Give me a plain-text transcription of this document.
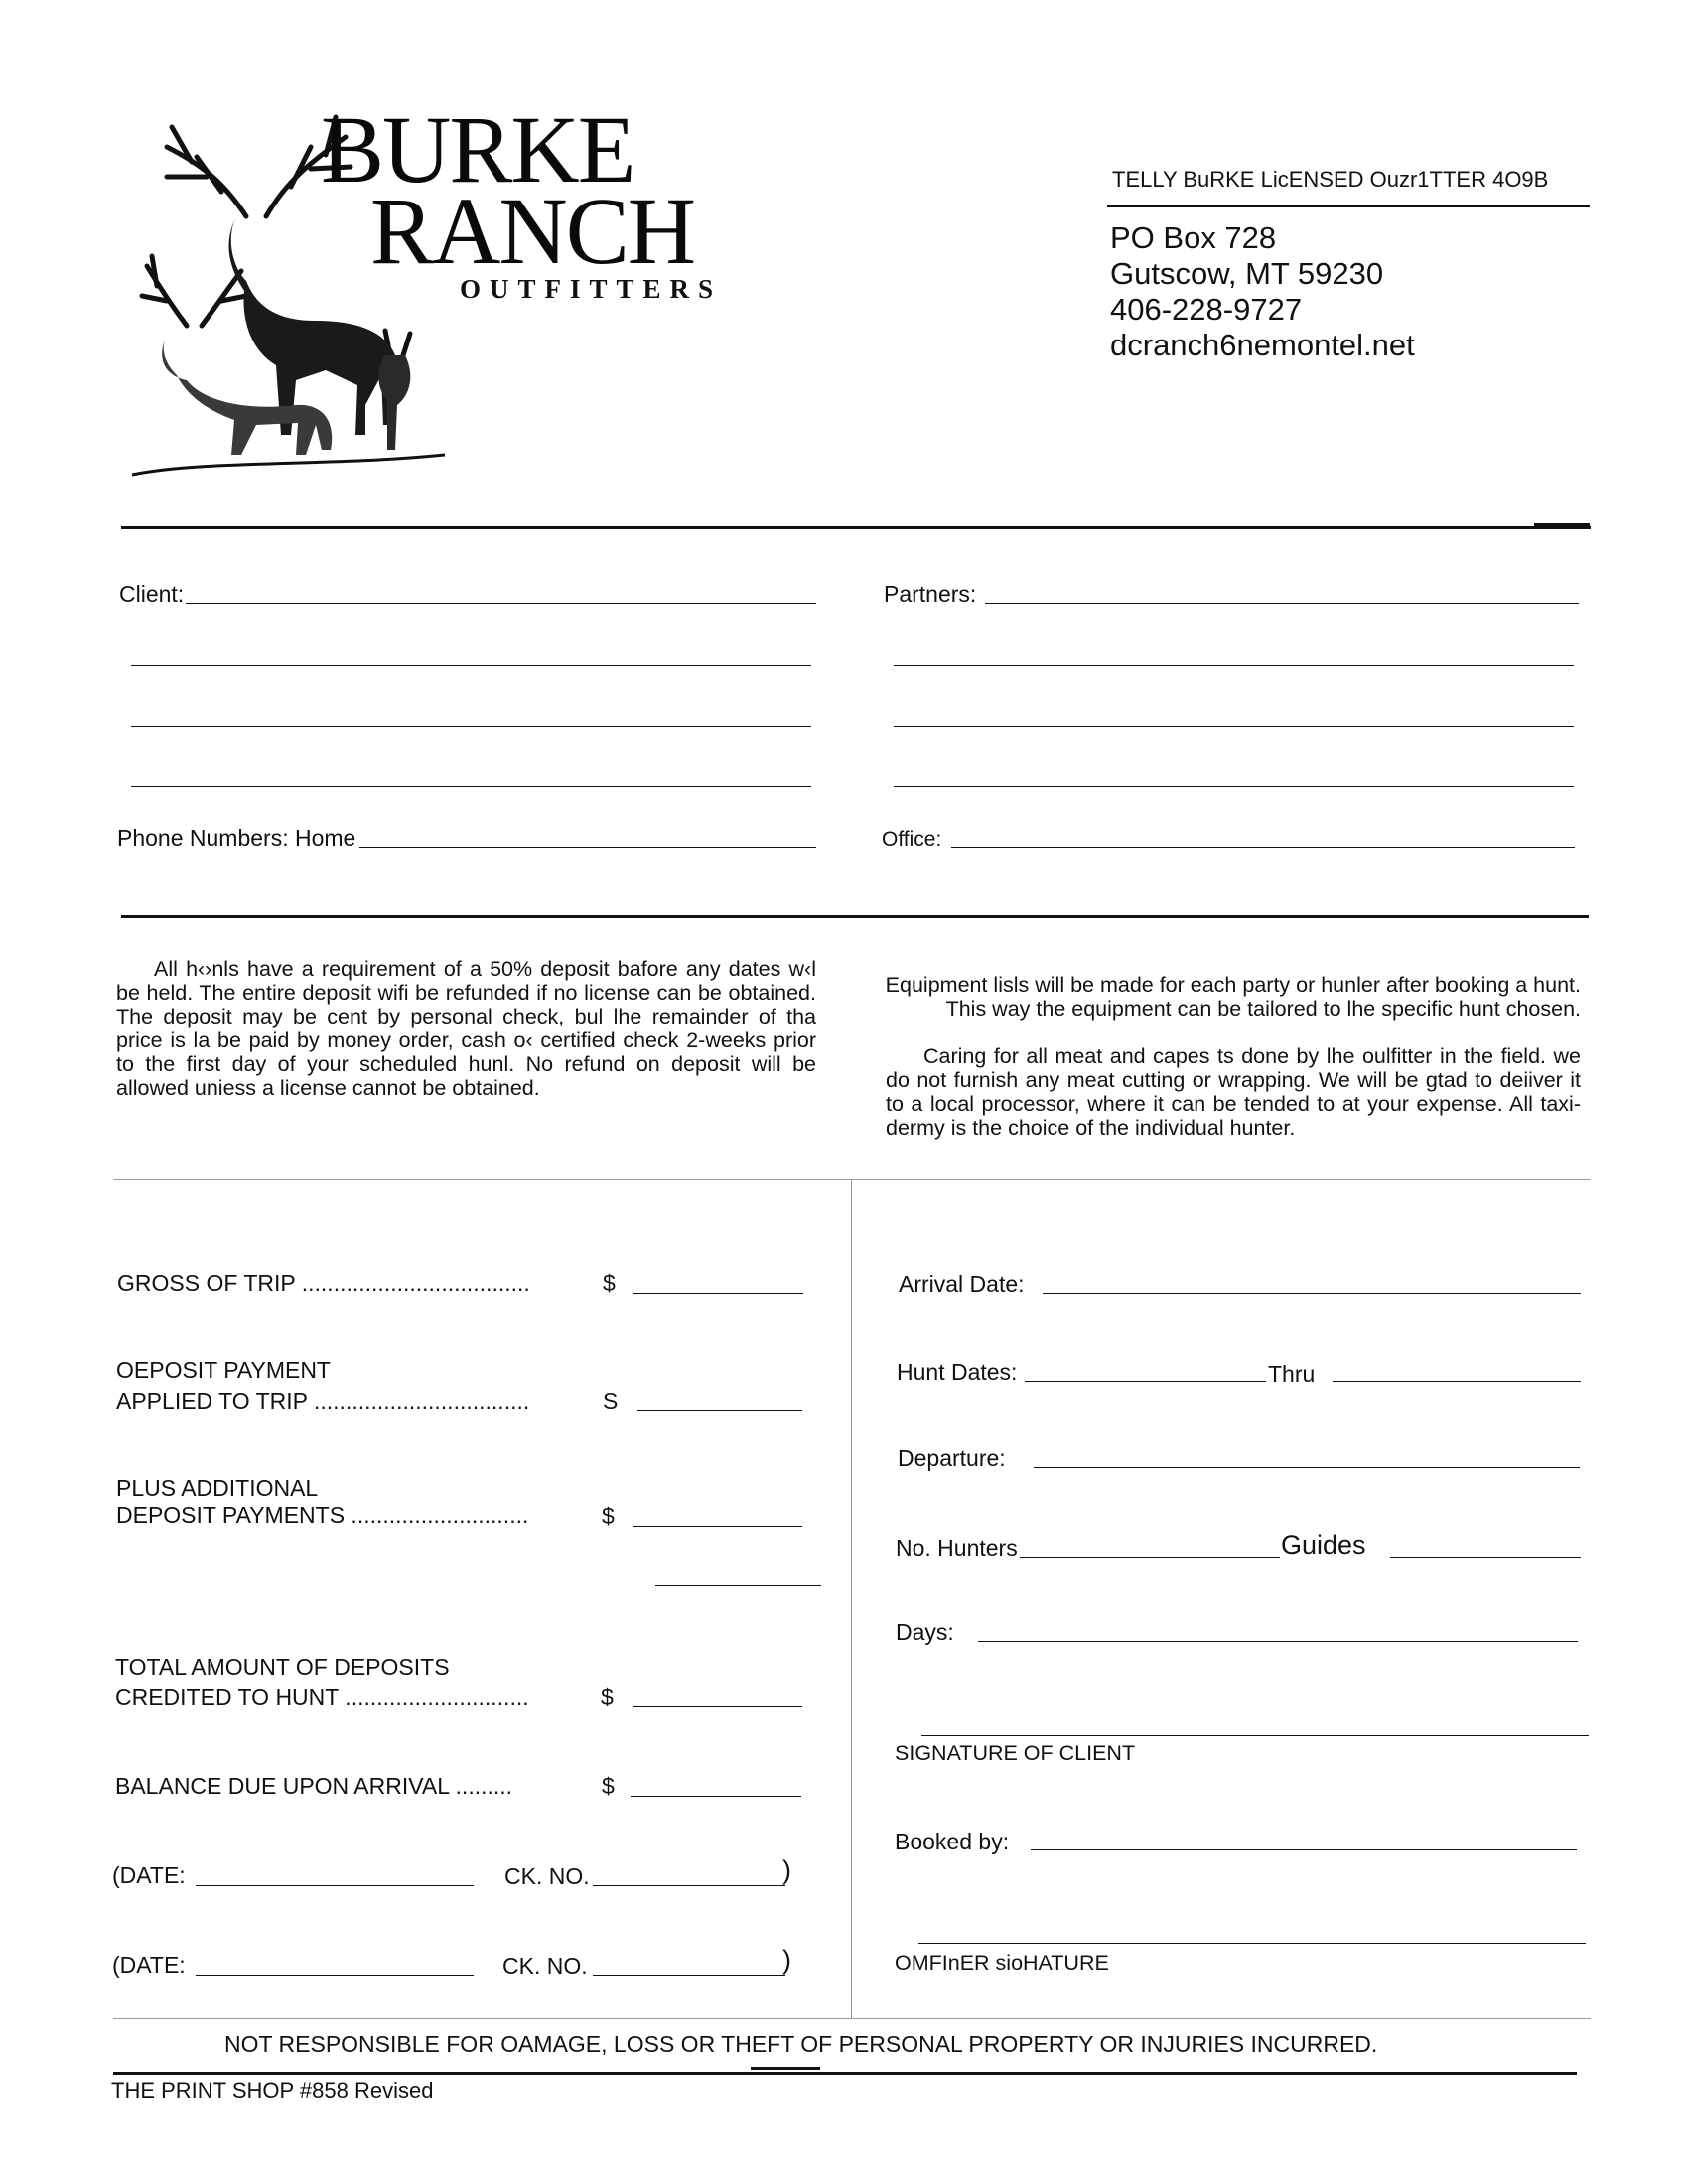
BURKE
RANCH
OUTFITTERS
TELLY BuRKE LicENSED Ouzr1TTER 4O9B
PO Box 728
Gutscow, MT 59230
406-228-9727
dcranch6nemontel.net
Client:	Partners:
Phone Numbers: Home	Office:
All h‹›nls have a requirement of a 50% deposit bafore any dates w‹l be held. The entire deposit wifi be refunded if no license can be obtained. The deposit may be cent by personal check, bul lhe remainder of tha price is la be paid by money order, cash o‹ certified check 2-weeks prior to the first day of your scheduled hunl. No refund on deposit will be allowed uniess a license cannot be obtained.
Equipment lisls will be made for each party or hunler after booking a hunt. This way the equipment can be tailored to lhe specific hunt chosen.
Caring for all meat and capes ts done by lhe oulfitter in the field. we do not furnish any meat cutting or wrapping. We will be gtad to deiiver it to a local processor, where it can be tended to at your expense. All taxi- dermy is the choice of the individual hunter.
GROSS OF TRIP ....................................	$
OEPOSIT PAYMENT
APPLIED TO TRIP ..................................	S
PLUS ADDITIONAL
DEPOSIT PAYMENTS ............................	$
TOTAL AMOUNT OF DEPOSITS
CREDITED TO HUNT .............................	$
BALANCE DUE UPON ARRIVAL .........	$
(DATE:	CK. NO.	)
(DATE:	CK. NO.	)
Arrival Date:
Hunt Dates:	Thru
Departure:
No. Hunters	Guides
Days:
SIGNATURE OF CLIENT
Booked by:
OMFInER sioHATURE
NOT RESPONSIBLE FOR OAMAGE, LOSS OR THEFT OF PERSONAL PROPERTY OR INJURIES INCURRED.
THE PRINT SHOP #858 Revised
